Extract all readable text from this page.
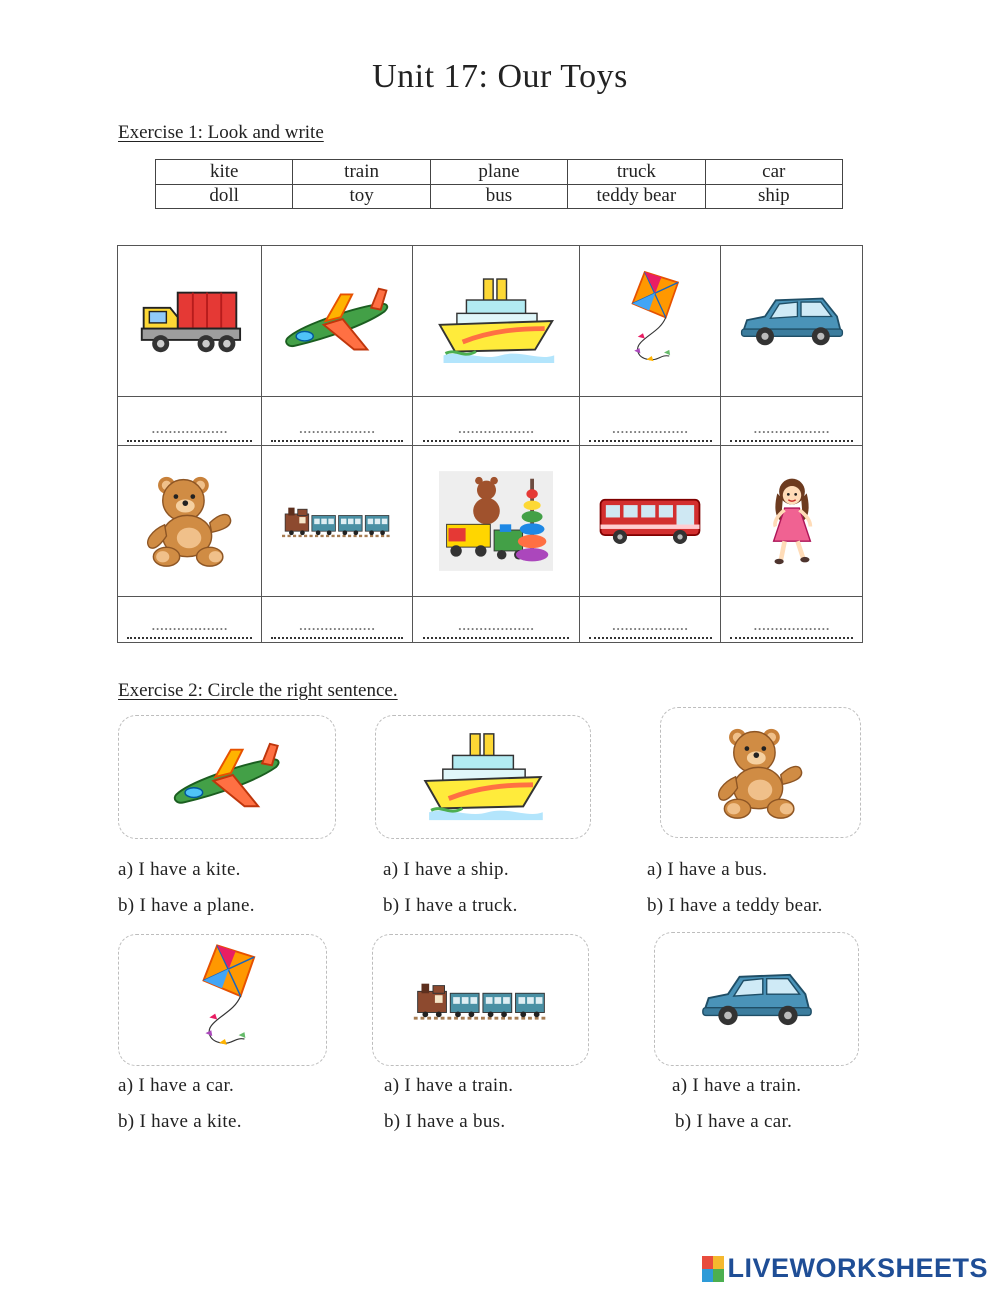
Unit 17: Our Toys
Exercise 1: Look and write
kite	train	plane	truck	car
doll	toy	bus	teddy bear	ship
..................
..................
..................
..................
..................
..................
..................
..................
..................
..................
Exercise 2: Circle the right sentence.
a) I have a kite.
b) I have a plane.
a) I have a ship.
b) I have a truck.
a) I have a bus.
b) I have a teddy bear.
a) I have a car.
b) I have a kite.
a) I have a train.
b) I have a bus.
a) I have a train.
b) I have a car.
LIVEWORKSHEETS
